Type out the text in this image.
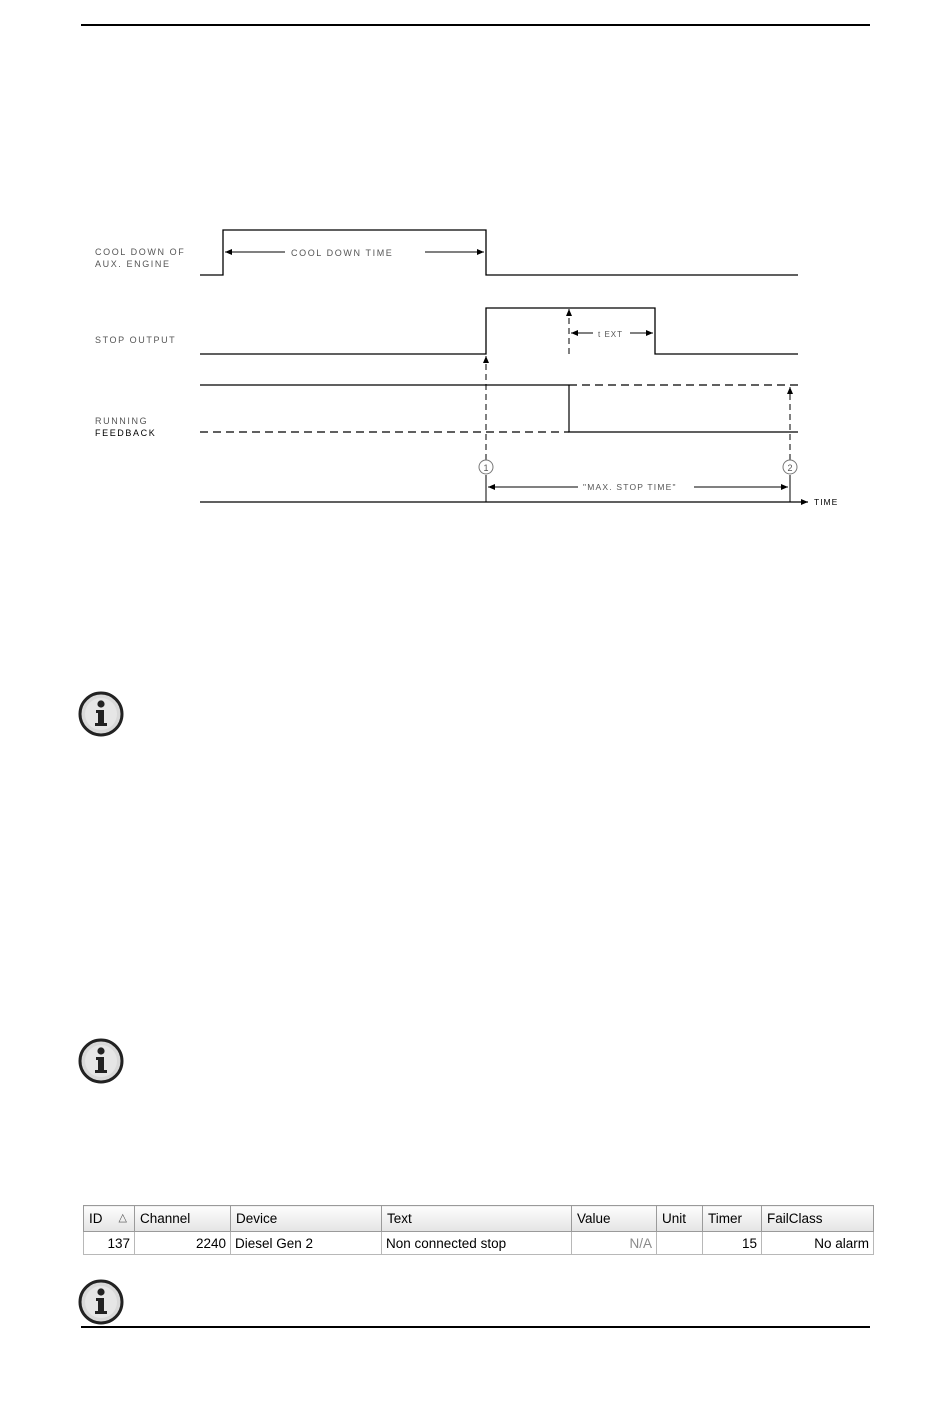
COOL DOWN OF
AUX. ENGINE
STOP OUTPUT
RUNNING
FEEDBACK
COOL DOWN TIME
t EXT
1	2
"MAX. STOP TIME"
TIME
ID △	Channel	Device	Text	Value	Unit	Timer	FailClass
137	2240	Diesel Gen 2	Non connected stop	N/A		15	No alarm
